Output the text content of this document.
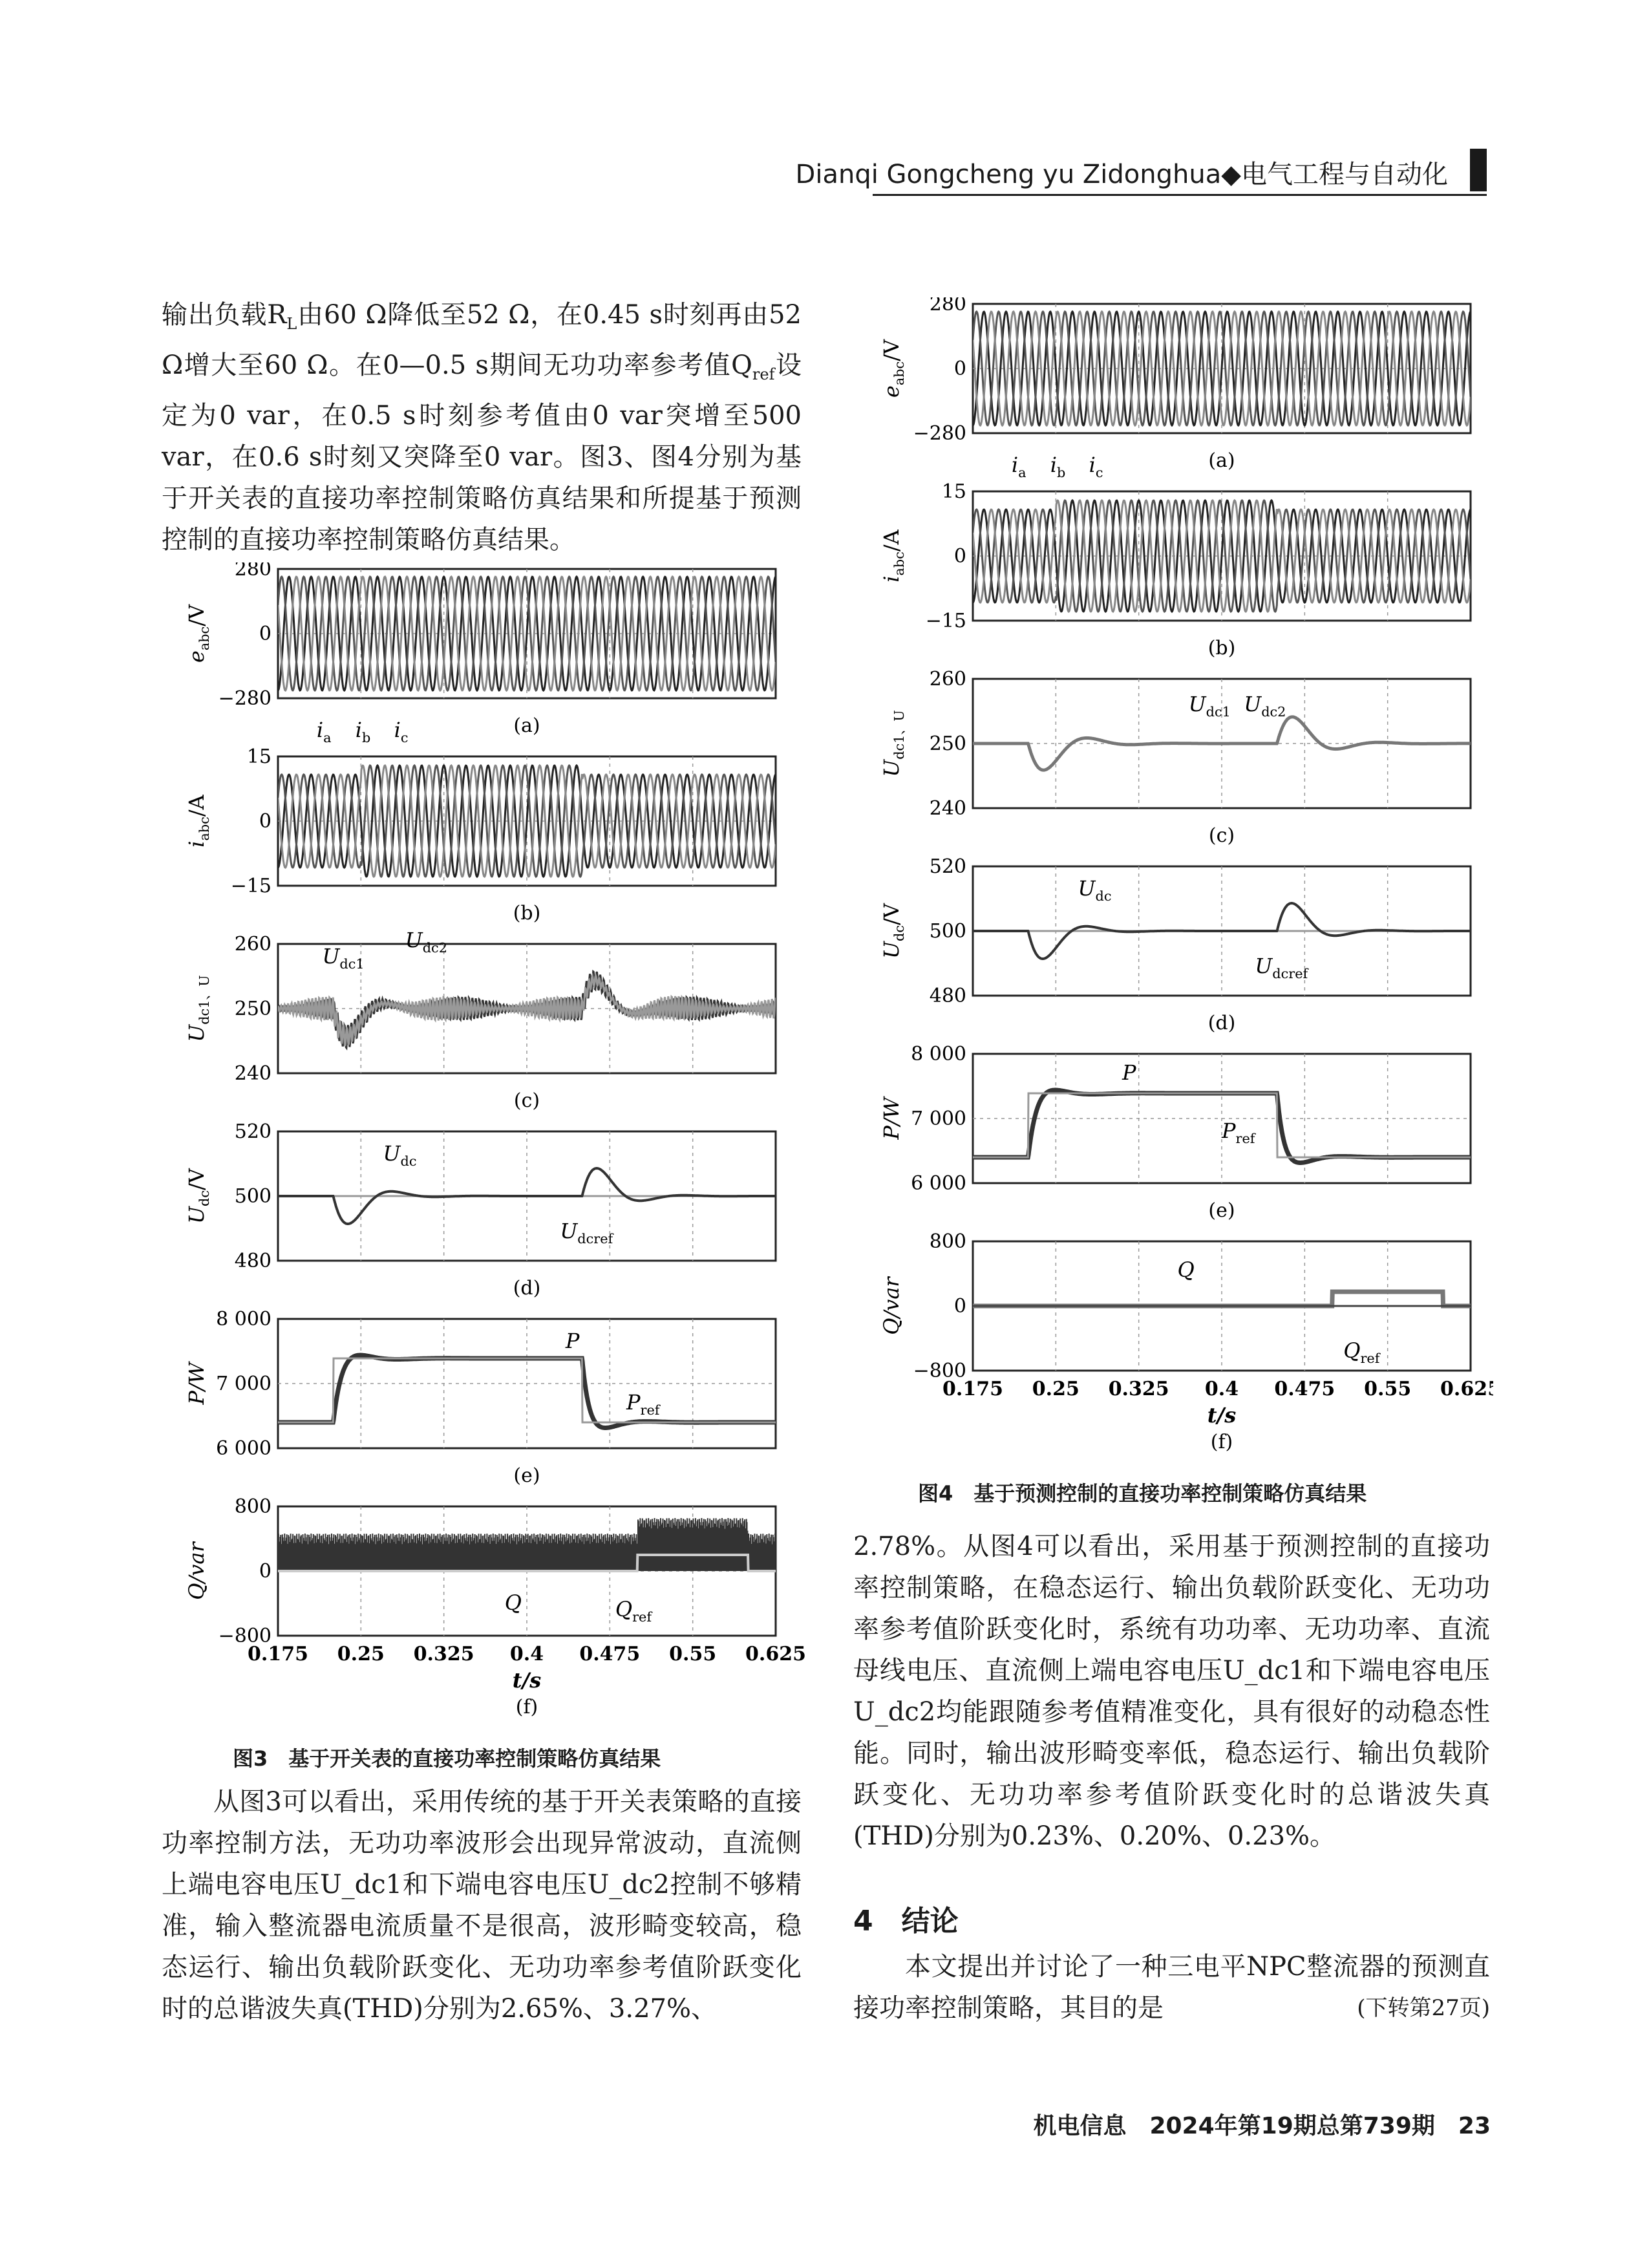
Dianqi Gongcheng yu Zidonghua◆电气工程与自动化

输出负载$R_L$由60 Ω降低至52 Ω，在0.45 s时刻再由52 Ω增大至60 Ω。在0—0.5 s期间无功功率参考值$Q_{ref}$设定为0 var，在0.5 s时刻参考值由0 var突增至500 var，在0.6 s时刻又突降至0 var。图3、图4分别为基于开关表的直接功率控制策略仿真结果和所提基于预测控制的直接功率控制策略仿真结果。

280
0
−280
$e_{abc}/V$
(a)
15
0
−15
$i_{abc}/A$
$i_a$ $i_b$ $i_c$
(b)
260
250
240
$U_{dc1、U}$
$U_{dc1}$
$U_{dc2}$
(c)
520
500
480
$U_{dc}/V$
$U_{dc}$
$U_{dcref}$
(d)
8 000
7 000
6 000
P/W
P
$P_{ref}$
(e)
800
0
−800
Q/var
Q	$Q_{ref}$
(f)
0.175 0.25 0.325 0.4 0.475 0.55 0.625
t/s
图3　基于开关表的直接功率控制策略仿真结果
从图3可以看出，采用传统的基于开关表策略的直接功率控制方法，无功功率波形会出现异常波动，直流侧上端电容电压U_dc1和下端电容电压U_dc2控制不够精准，输入整流器电流质量不是很高，波形畸变较高，稳态运行、输出负载阶跃变化、无功功率参考值阶跃变化时的总谐波失真(THD)分别为2.65%、3.27%、
280
0
−280
$e_{abc}/V$
(a)
15
0
−15
$i_{abc}/A$
$i_a$ $i_b$ $i_c$
(b)
260
250
240
$U_{dc1、U}$
$U_{dc1}$ $U_{dc2}$
(c)
520
500
480
$U_{dc}/V$
$U_{dc}$
$U_{dcref}$
(d)
8 000
7 000
6 000
P/W
P
$P_{ref}$
(e)
800
0
−800
Q/var
Q
$Q_{ref}$
(f)
0.175 0.25 0.325 0.4 0.475 0.55 0.62
t/s
图4　基于预测控制的直接功率控制策略仿真结果
2.78%。从图4可以看出，采用基于预测控制的直接功率控制策略，在稳态运行、输出负载阶跃变化、无功功率参考值阶跃变化时，系统有功功率、无功功率、直流母线电压、直流侧上端电容电压U_dc1和下端电容电压U_dc2均能跟随参考值精准变化，具有很好的动稳态性能。同时，输出波形畸变率低，稳态运行、输出负载阶跃变化、无功功率参考值阶跃变化时的总谐波失真(THD)分别为0.23%、0.20%、0.23%。
4　结论
本文提出并讨论了一种三电平NPC整流器的预测直接功率控制策略，其目的是	(下转第27页)
机电信息　2024年第19期总第739期　23
